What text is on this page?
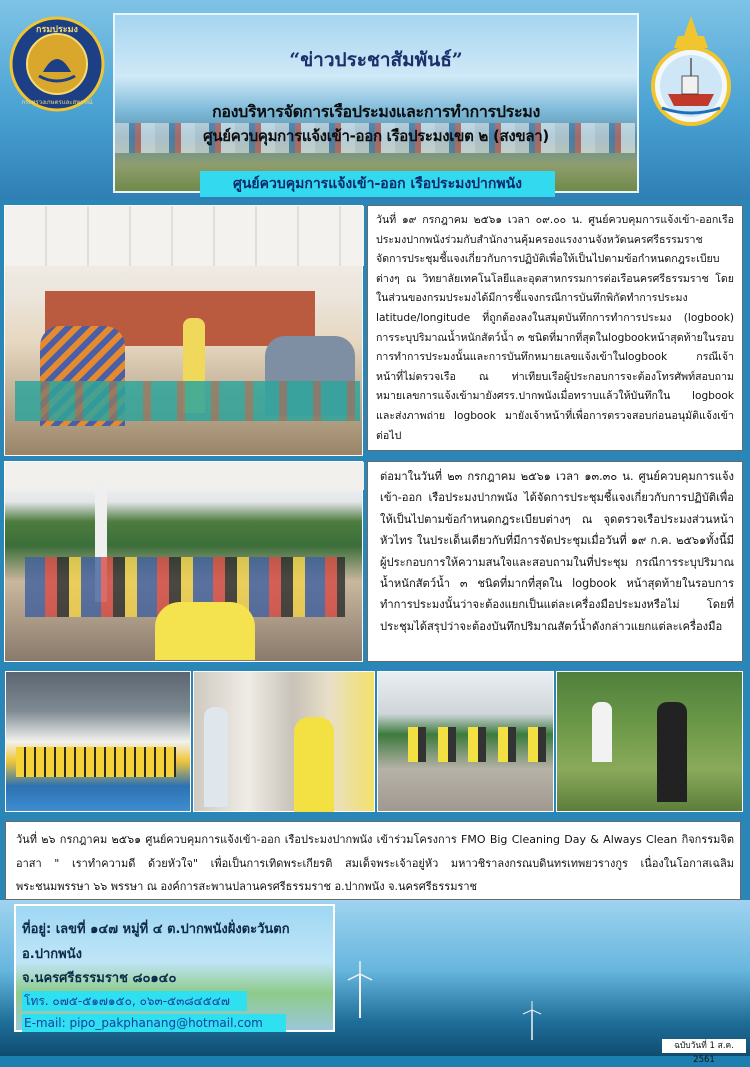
“ข่าวประชาสัมพันธ์”
กองบริหารจัดการเรือประมงและการทำการประมง
ศูนย์ควบคุมการแจ้งเข้า-ออก เรือประมงเขต ๒ (สงขลา)
ศูนย์ควบคุมการแจ้งเข้า-ออก เรือประมงปากพนัง
กรมประมง
กระทรวงเกษตรและสหกรณ์
วันที่ ๑๙ กรกฎาคม ๒๕๖๑ เวลา ๐๙.๐๐ น. ศูนย์ควบคุมการแจ้งเข้า-ออกเรือประมงปากพนังร่วมกับสำนักงานคุ้มครองแรงงานจังหวัดนครศรีธรรมราช จัดการประชุมชี้แจงเกี่ยวกับการปฏิบัติเพื่อให้เป็นไปตามข้อกำหนดกฎระเบียบต่างๆ ณ วิทยาลัยเทคโนโลยีและอุตสาหกรรมการต่อเรือนครศรีธรรมราช โดยในส่วนของกรมประมงได้มีการชี้แจงกรณีการบันทึกพิกัดทำการประมง latitude/longitude ที่ถูกต้องลงในสมุดบันทึกการทำการประมง (logbook) การระบุปริมาณน้ำหนักสัตว์น้ำ ๓ ชนิดที่มากที่สุดในlogbookหน้าสุดท้ายในรอบการทำการประมงนั้นและการบันทึกหมายเลขแจ้งเข้าในlogbook กรณีเจ้าหน้าที่ไม่ตรวจเรือ ณ ท่าเทียบเรือผู้ประกอบการจะต้องโทรศัพท์สอบถามหมายเลขการแจ้งเข้ามายังศรร.ปากพนังเมื่อทราบแล้วให้บันทึกใน logbook และส่งภาพถ่าย logbook มายังเจ้าหน้าที่เพื่อการตรวจสอบก่อนอนุมัติแจ้งเข้าต่อไป
ต่อมาในวันที่ ๒๓ กรกฎาคม ๒๕๖๑ เวลา ๑๓.๓๐ น. ศูนย์ควบคุมการแจ้งเข้า-ออก เรือประมงปากพนัง ได้จัดการประชุมชี้แจงเกี่ยวกับการปฏิบัติเพื่อให้เป็นไปตามข้อกำหนดกฎระเบียบต่างๆ ณ จุดตรวจเรือประมงส่วนหน้า หัวไทร ในประเด็นเดียวกับที่มีการจัดประชุมเมื่อวันที่ ๑๙ ก.ค. ๒๕๖๑ทั้งนี้มีผู้ประกอบการให้ความสนใจและสอบถามในที่ประชุม กรณีการระบุปริมาณน้ำหนักสัตว์น้ำ ๓ ชนิดที่มากที่สุดใน logbook หน้าสุดท้ายในรอบการทำการประมงนั้นว่าจะต้องแยกเป็นแต่ละเครื่องมือประมงหรือไม่ โดยที่ประชุมได้สรุปว่าจะต้องบันทึกปริมาณสัตว์น้ำดังกล่าวแยกแต่ละเครื่องมือ
วันที่ ๒๖ กรกฎาคม ๒๕๖๑ ศูนย์ควบคุมการแจ้งเข้า-ออก เรือประมงปากพนัง เข้าร่วมโครงการ FMO Big Cleaning Day & Always Clean กิจกรรมจิตอาสา " เราทำความดี ด้วยหัวใจ" เพื่อเป็นการเทิดพระเกียรติ สมเด็จพระเจ้าอยู่หัว มหาวชิราลงกรณบดินทรเทพยวรางกูร เนื่องในโอกาสเฉลิมพระชนมพรรษา ๖๖ พรรษา ณ องค์การสะพานปลานครศรีธรรมราช อ.ปากพนัง จ.นครศรีธรรมราช
ที่อยู่: เลขที่ ๑๔๗ หมู่ที่ ๔ ต.ปากพนังฝั่งตะวันตก
อ.ปากพนัง
จ.นครศรีธรรมราช ๘๐๑๔๐
โทร. ๐๗๕-๕๑๗๑๕๐, ๐๖๓-๕๓๘๔๕๔๗
E-mail: pipo_pakphanang@hotmail.com
ฉบับวันที่ 1 ส.ค. 2561
